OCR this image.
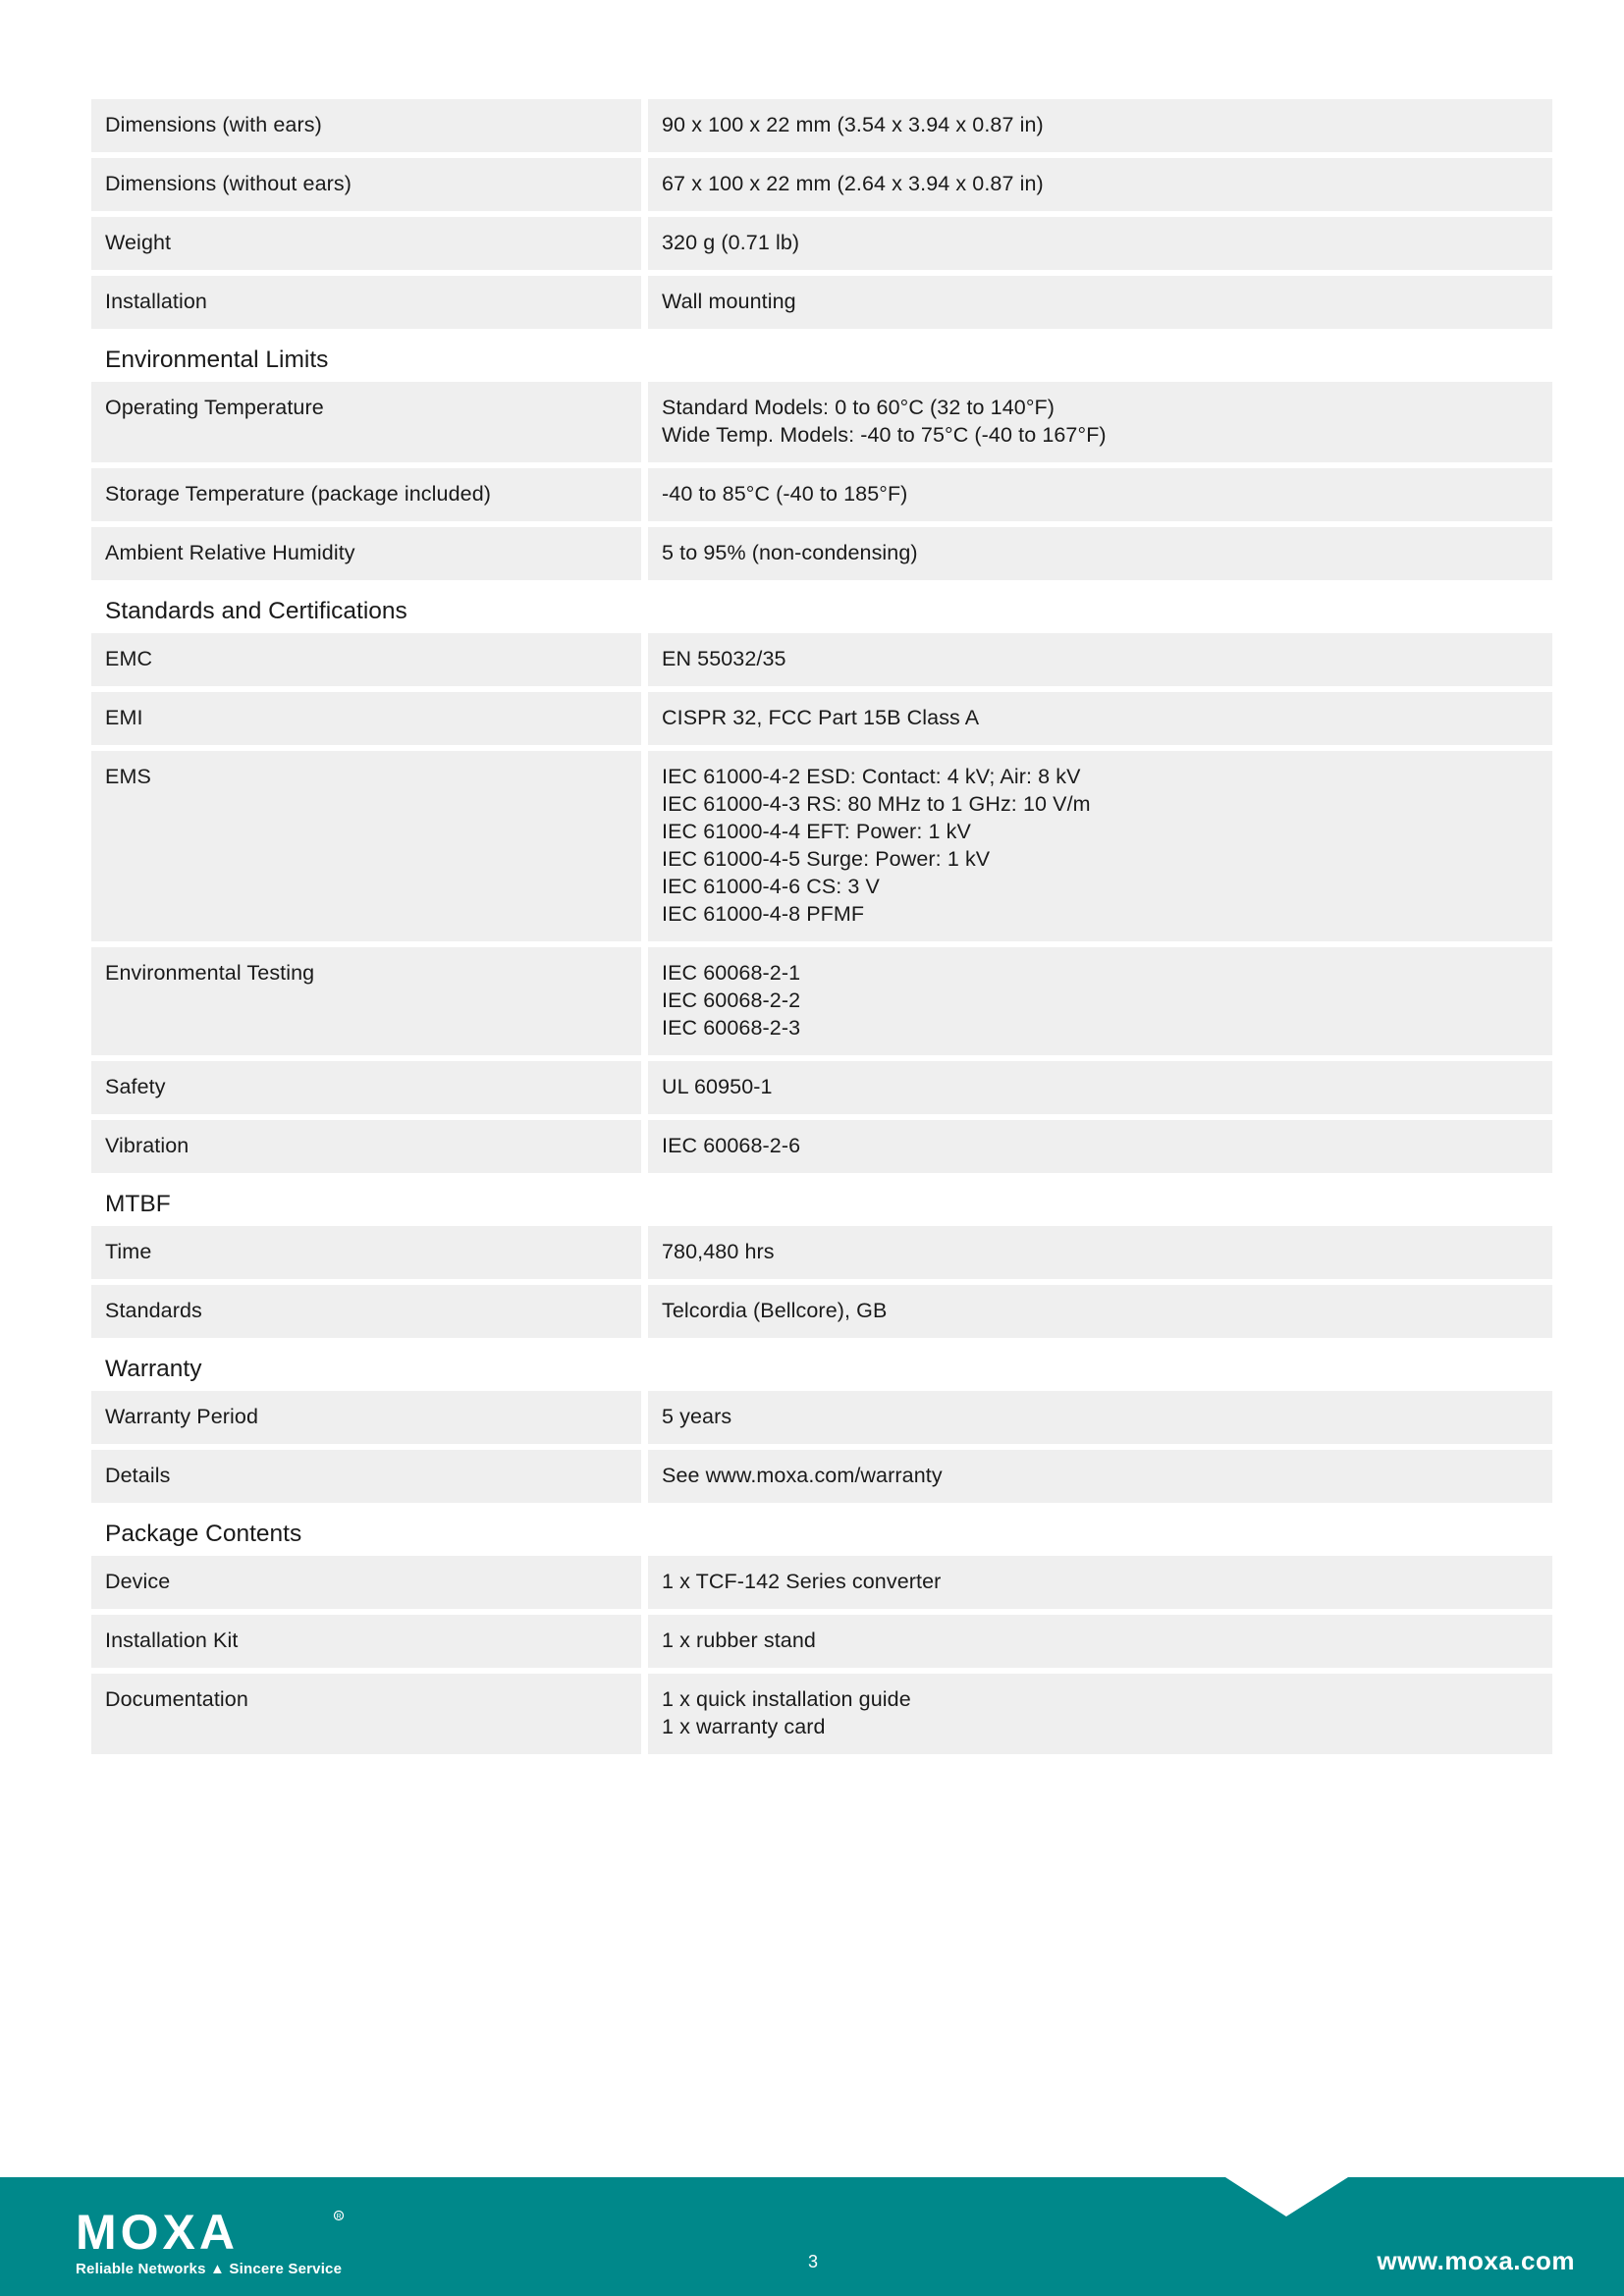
Dimensions (with ears)	90 x 100 x 22 mm (3.54 x 3.94 x 0.87 in)
Dimensions (without ears)	67 x 100 x 22 mm (2.64 x 3.94 x 0.87 in)
Weight	320 g (0.71 lb)
Installation	Wall mounting
Environmental Limits
Operating Temperature	Standard Models: 0 to 60°C (32 to 140°F)
Wide Temp. Models: -40 to 75°C (-40 to 167°F)
Storage Temperature (package included)	-40 to 85°C (-40 to 185°F)
Ambient Relative Humidity	5 to 95% (non-condensing)
Standards and Certifications
EMC	EN 55032/35
EMI	CISPR 32, FCC Part 15B Class A
EMS	IEC 61000-4-2 ESD: Contact: 4 kV; Air: 8 kV
IEC 61000-4-3 RS: 80 MHz to 1 GHz: 10 V/m
IEC 61000-4-4 EFT: Power: 1 kV
IEC 61000-4-5 Surge: Power: 1 kV
IEC 61000-4-6 CS: 3 V
IEC 61000-4-8 PFMF
Environmental Testing	IEC 60068-2-1
IEC 60068-2-2
IEC 60068-2-3
Safety	UL 60950-1
Vibration	IEC 60068-2-6
MTBF
Time	780,480 hrs
Standards	Telcordia (Bellcore), GB
Warranty
Warranty Period	5 years
Details	See www.moxa.com/warranty
Package Contents
Device	1 x TCF-142 Series converter
Installation Kit	1 x rubber stand
Documentation	1 x quick installation guide
1 x warranty card
MOXA	R
Reliable Networks ▲ Sincere Service	3	www.moxa.com
